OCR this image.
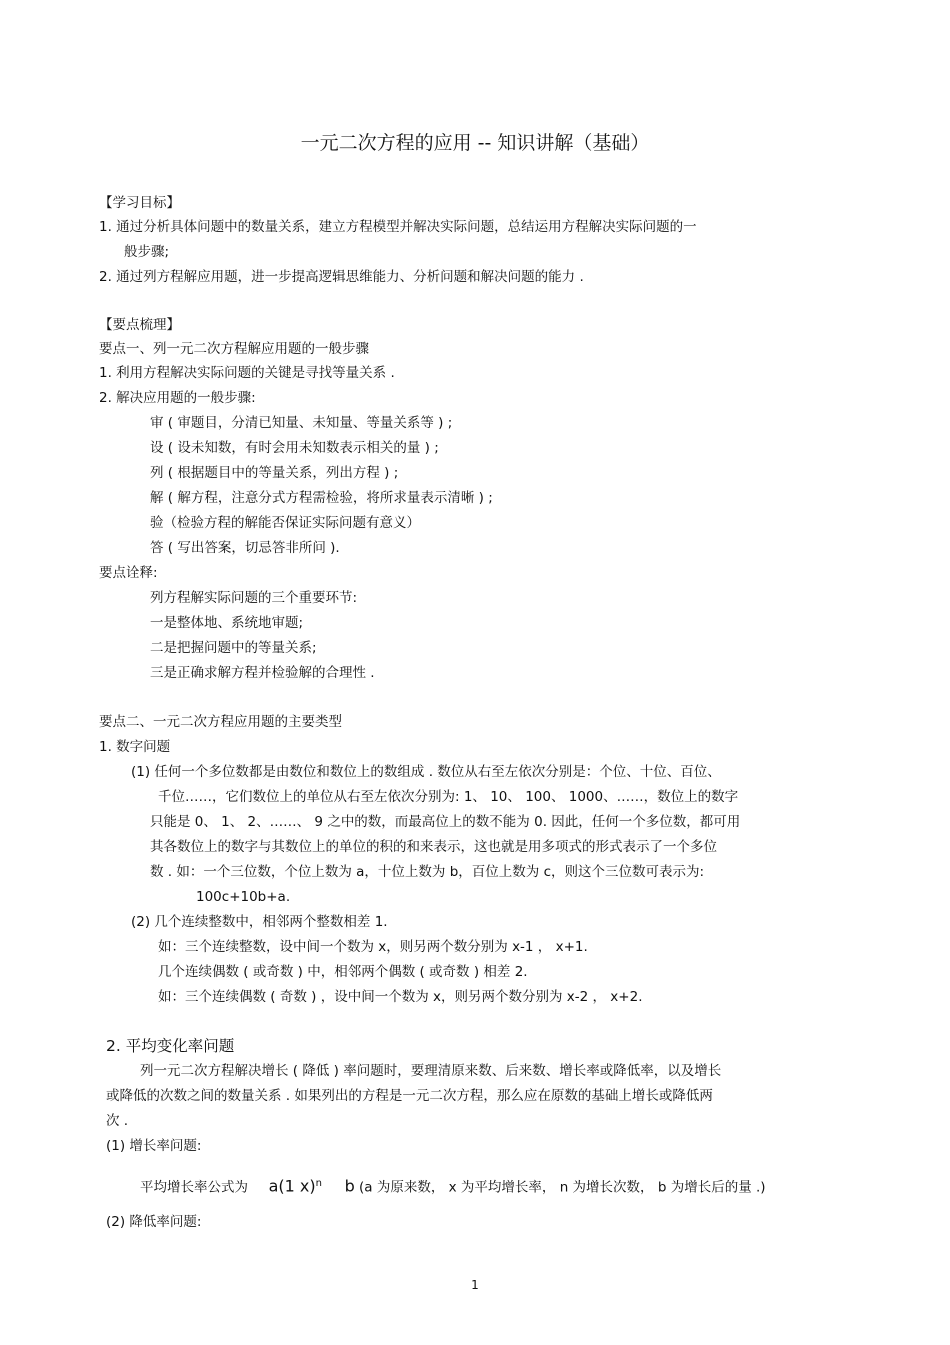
一元二次方程的应用 -- 知识讲解（基础）
【学习目标】
1. 通过分析具体问题中的数量关系，建立方程模型并解决实际问题，总结运用方程解决实际问题的一
般步骤;
2. 通过列方程解应用题，进一步提高逻辑思维能力、分析问题和解决问题的能力 .
【要点梳理】
要点一、列一元二次方程解应用题的一般步骤
1. 利用方程解决实际问题的关键是寻找等量关系 .
2. 解决应用题的一般步骤:
审 ( 审题目，分清已知量、未知量、等量关系等 ) ;
设 ( 设未知数，有时会用未知数表示相关的量 ) ;
列 ( 根据题目中的等量关系，列出方程 ) ;
解 ( 解方程，注意分式方程需检验，将所求量表示清晰 ) ;
验（检验方程的解能否保证实际问题有意义）
答 ( 写出答案，切忌答非所问 ).
要点诠释:
列方程解实际问题的三个重要环节:
一是整体地、系统地审题;
二是把握问题中的等量关系;
三是正确求解方程并检验解的合理性 .
要点二、一元二次方程应用题的主要类型
1. 数字问题
(1) 任何一个多位数都是由数位和数位上的数组成 . 数位从右至左依次分别是：个位、十位、百位、
千位……，它们数位上的单位从右至左依次分别为: 1、 10、 100、 1000、……，数位上的数字
只能是 0、 1、 2、……、 9 之中的数，而最高位上的数不能为 0. 因此，任何一个多位数，都可用
其各数位上的数字与其数位上的单位的积的和来表示，这也就是用多项式的形式表示了一个多位
数 . 如：一个三位数，个位上数为 a，十位上数为 b，百位上数为 c，则这个三位数可表示为:
100c+10b+a.
(2) 几个连续整数中，相邻两个整数相差 1.
如：三个连续整数，设中间一个数为 x，则另两个数分别为 x-1 ， x+1.
几个连续偶数 ( 或奇数 ) 中，相邻两个偶数 ( 或奇数 ) 相差 2.
如：三个连续偶数 ( 奇数 ) ，设中间一个数为 x，则另两个数分别为 x-2 ， x+2.
2. 平均变化率问题
列一元二次方程解决增长 ( 降低 ) 率问题时，要理清原来数、后来数、增长率或降低率，以及增长
或降低的次数之间的数量关系 . 如果列出的方程是一元二次方程，那么应在原数的基础上增长或降低两
次 .
(1) 增长率问题:
平均增长率公式为 a(1 x)$^n$ b (a 为原来数， x 为平均增长率， n 为增长次数， b 为增长后的量 .)
(2) 降低率问题:
1
